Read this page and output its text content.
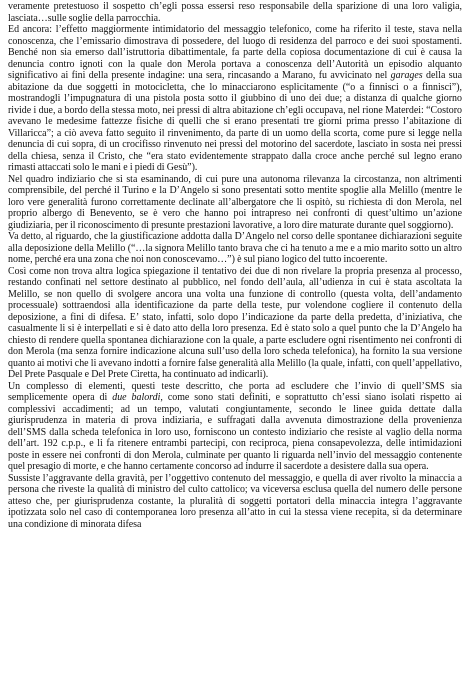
veramente pretestuoso il sospetto ch’egli possa essersi reso responsabile della sparizione di una loro valigia, lasciata…sulle soglie della parrocchia.

Ed ancora: l’effetto maggiormente intimidatorio del messaggio telefonico, come ha riferito il teste, stava nella conoscenza, che l’emissario dimostrava di possedere, del luogo di residenza del parroco e dei suoi spostamenti. Benché non sia emerso dall’istruttoria dibattimentale, fa parte della copiosa documentazione di cui è causa la denuncia contro ignoti con la quale don Merola portava a conoscenza dell’Autorità un episodio alquanto significativo ai fini della presente indagine: una sera, rincasando a Marano, fu avvicinato nel garages della sua abitazione da due soggetti in motocicletta, che lo minacciarono esplicitamente (“o a finnisci o a finnisci”), mostrandogli l’impugnatura di una pistola posta sotto il giubbino di uno dei due; a distanza di qualche giorno rivide i due, a bordo della stessa moto, nei pressi di altra abitazione ch’egli occupava, nel rione Materdei: “Costoro avevano le medesime fattezze fisiche di quelli che si erano presentati tre giorni prima presso l’abitazione di Villaricca”; a ciò aveva fatto seguito il rinvenimento, da parte di un uomo della scorta, come pure si legge nella denuncia di cui sopra, di un crocifisso rinvenuto nei pressi del motorino del sacerdote, lasciato in sosta nei pressi della chiesa, senza il Cristo, che “era stato evidentemente strappato dalla croce anche perché sul legno erano rimasti attaccati solo le mani e i piedi di Gesù”).

Nel quadro indiziario che si sta esaminando, di cui pure una autonoma rilevanza la circostanza, non altrimenti comprensibile, del perché il Turino e la D’Angelo si sono presentati sotto mentite spoglie alla Melillo (mentre le loro vere generalità furono correttamente declinate all’albergatore che li ospitò, su richiesta di don Merola, nel proprio albergo di Benevento, se è vero che hanno poi intrapreso nei confronti di quest’ultimo un’azione giudiziaria, per il riconoscimento di presunte prestazioni lavorative, a loro dire maturate durante quel soggiorno).

Va detto, al riguardo, che la giustificazione addotta dalla D’Angelo nel corso delle spontanee dichiarazioni seguite alla deposizione della Melillo (“…la signora Melillo tanto brava che ci ha tenuto a me e a mio marito sotto un altro nome, perché era una zona che noi non conoscevamo…”) è sul piano logico del tutto incoerente.

Così come non trova altra logica spiegazione il tentativo dei due di non rivelare la propria presenza al processo, restando confinati nel settore destinato al pubblico, nel fondo dell’aula, all’udienza in cui è stata ascoltata la Melillo, se non quello di svolgere ancora una volta una funzione di controllo (questa volta, dell’andamento processuale) sottraendosi alla identificazione da parte della teste, pur volendone cogliere il contenuto della deposizione, a fini di difesa. E’ stato, infatti, solo dopo l’indicazione da parte della predetta, d’iniziativa, che casualmente li si è interpellati e si è dato atto della loro presenza. Ed è stato solo a quel punto che la D’Angelo ha chiesto di rendere quella spontanea dichiarazione con la quale, a parte escludere ogni risentimento nei confronti di don Merola (ma senza fornire indicazione alcuna sull’uso della loro scheda telefonica), ha fornito la sua versione quanto ai motivi che li avevano indotti a fornire false generalità alla Melillo (la quale, infatti, con quell’appellativo, Del Prete Pasquale e Del Prete Ciretta, ha continuato ad indicarli).

Un complesso di elementi, questi teste descritto, che porta ad escludere che l’invio di quell’SMS sia semplicemente opera di due balordi, come sono stati definiti, e soprattutto ch’essi siano isolati rispetto ai complessivi accadimenti; ad un tempo, valutati congiuntamente, secondo le linee guida dettate dalla giurisprudenza in materia di prova indiziaria, e suffragati dalla avvenuta dimostrazione della provenienza dell’SMS dalla scheda telefonica in loro uso, forniscono un contesto indiziario che resiste al vaglio della norma dell’art. 192 c.p.p., e li fa ritenere entrambi partecipi, con reciproca, piena consapevolezza, delle intimidazioni poste in essere nei confronti di don Merola, culminate per quanto li riguarda nell’invio del messaggio contenente quel presagio di morte, e che hanno certamente concorso ad indurre il sacerdote a desistere dalla sua opera.

Sussiste l’aggravante della gravità, per l’oggettivo contenuto del messaggio, e quella di aver rivolto la minaccia a persona che riveste la qualità di ministro del culto cattolico; va viceversa esclusa quella del numero delle persone atteso che, per giurisprudenza costante, la pluralità di soggetti portatori della minaccia integra l’aggravante ipotizzata solo nel caso di contemporanea loro presenza all’atto in cui la stessa viene recepita, sì da determinare una condizione di minorata difesa
